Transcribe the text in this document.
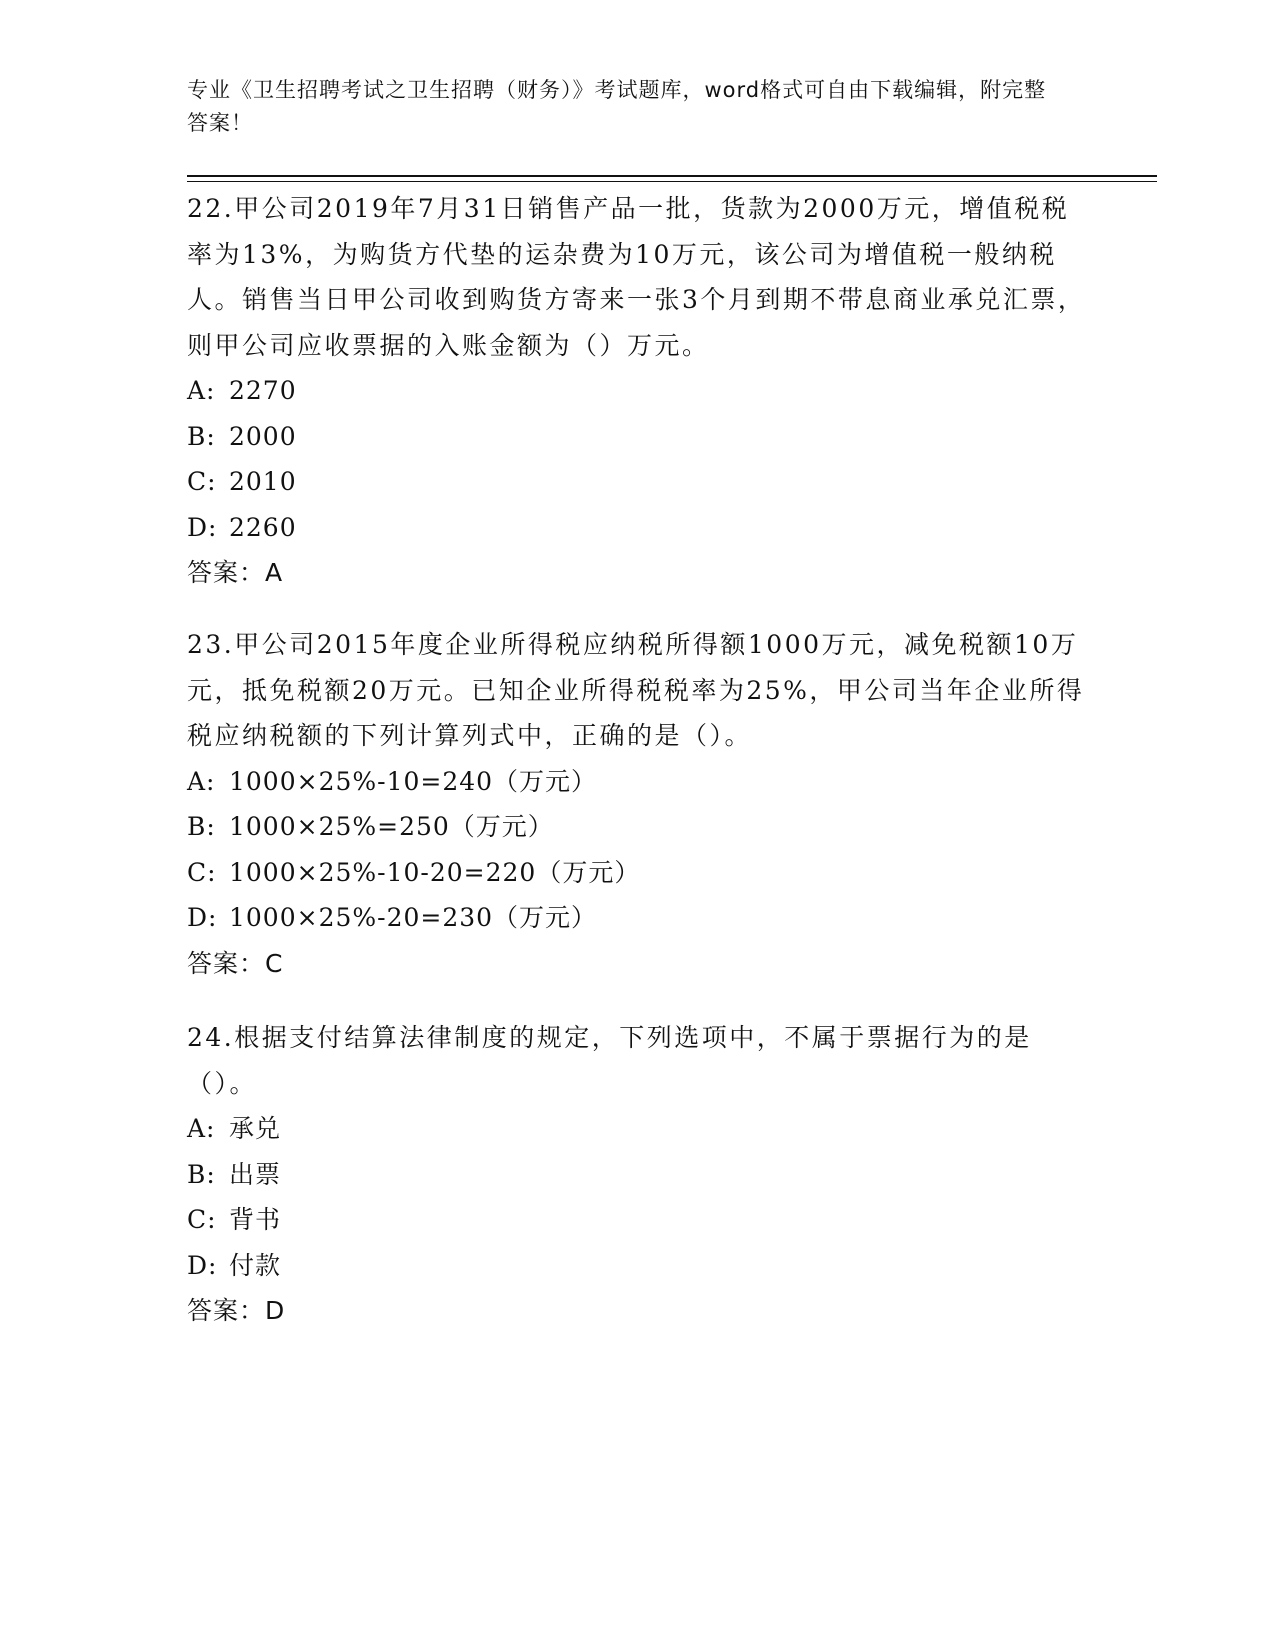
专业《卫生招聘考试之卫生招聘（财务）》考试题库，word格式可自由下载编辑，附完整答案！
22.甲公司2019年7月31日销售产品一批，货款为2000万元，增值税税率为13%，为购货方代垫的运杂费为10万元，该公司为增值税一般纳税人。销售当日甲公司收到购货方寄来一张3个月到期不带息商业承兑汇票，则甲公司应收票据的入账金额为（）万元。
A: 2270
B: 2000
C: 2010
D: 2260
答案：A
23.甲公司2015年度企业所得税应纳税所得额1000万元，减免税额10万元，抵免税额20万元。已知企业所得税税率为25%，甲公司当年企业所得税应纳税额的下列计算列式中，正确的是（）。
A: 1000×25%-10=240（万元）
B: 1000×25%=250（万元）
C: 1000×25%-10-20=220（万元）
D: 1000×25%-20=230（万元）
答案：C
24.根据支付结算法律制度的规定，下列选项中，不属于票据行为的是（）。
A: 承兑
B: 出票
C: 背书
D: 付款
答案：D
